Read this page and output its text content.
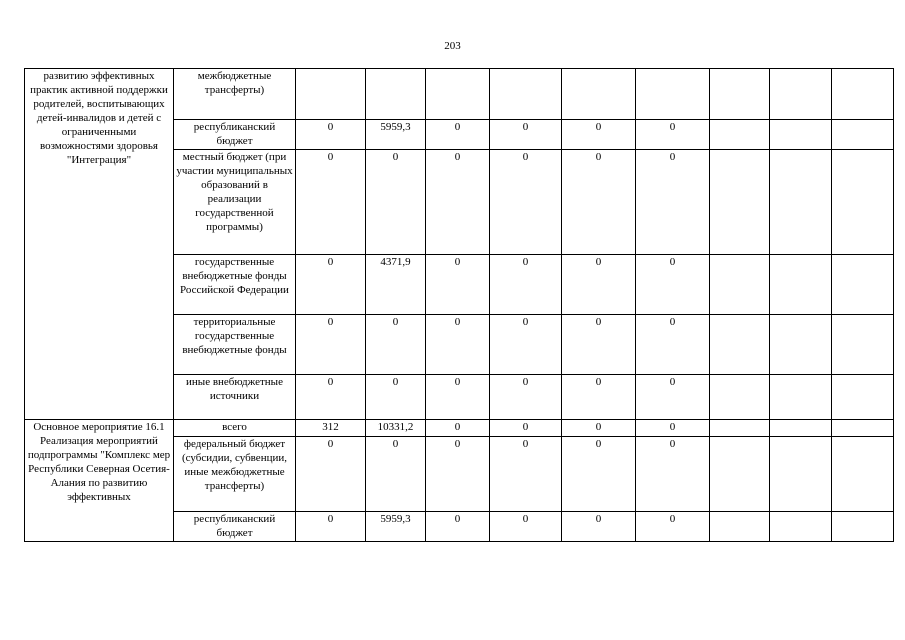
203
развитию эффективных практик активной поддержки родителей, воспитывающих детей-инвалидов и детей с ограниченными возможностями здоровья "Интеграция"	межбюджетные трансферты)									
	республиканский бюджет	0	5959,3	0	0	0	0			
	местный бюджет (при участии муниципальных образований в реализации государственной программы)	0	0	0	0	0	0			
	государственные внебюджетные фонды Российской Федерации	0	4371,9	0	0	0	0			
	территориальные государственные внебюджетные фонды	0	0	0	0	0	0			
	иные внебюджетные источники	0	0	0	0	0	0			
Основное мероприятие 16.1 Реализация мероприятий подпрограммы "Комплекс мер Республики Северная Осетия-Алания по развитию эффективных	всего	312	10331,2	0	0	0	0			
	федеральный бюджет (субсидии, субвенции, иные межбюджетные трансферты)	0	0	0	0	0	0			
	республиканский бюджет	0	5959,3	0	0	0	0			
